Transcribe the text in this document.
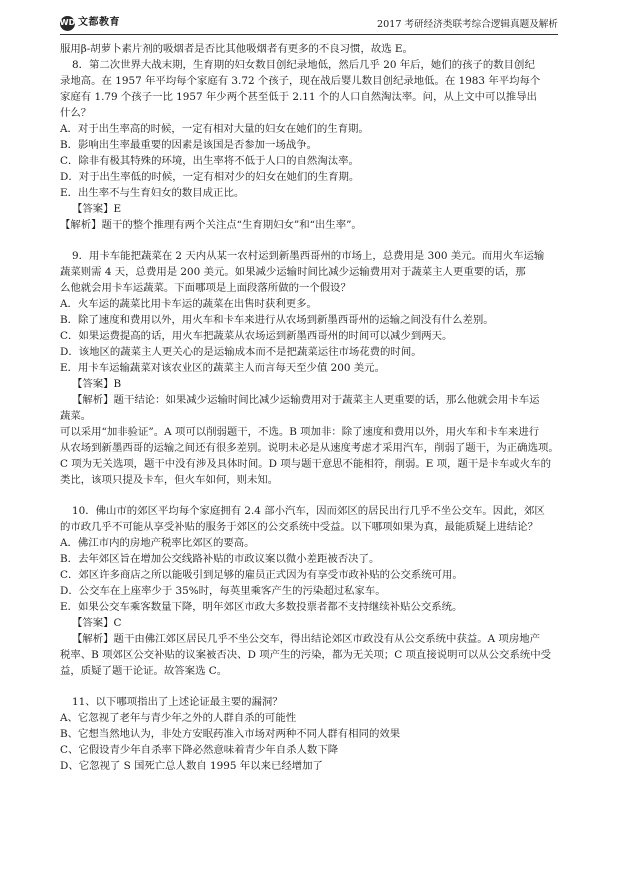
WD 文都教育	2017 考研经济类联考综合逻辑真题及解析

服用β-胡萝卜素片剂的吸烟者是否比其他吸烟者有更多的不良习惯，故选 E。

8．第二次世界大战末期，生育期的妇女数目创纪录地低，然后几乎 20 年后，她们的孩子的数目创纪

录地高。在 1957 年平均每个家庭有 3.72 个孩子，现在战后婴儿数目创纪录地低。在 1983 年平均每个

家庭有 1.79 个孩子一比 1957 年少两个甚至低于 2.11 个的人口自然淘汰率。问，从上文中可以推导出

什么？

A．对于出生率高的时候，一定有相对大量的妇女在她们的生育期。

B．影响出生率最重要的因素是该国是否参加一场战争。

C．除非有极其特殊的环境，出生率将不低于人口的自然淘汰率。

D．对于出生率低的时候，一定有相对少的妇女在她们的生育期。

E．出生率不与生育妇女的数目成正比。

【答案】E

【解析】题干的整个推理有两个关注点“生育期妇女”和“出生率”。

9．用卡车能把蔬菜在 2 天内从某一农村运到新墨西哥州的市场上，总费用是 300 美元。而用火车运输

蔬菜则需 4 天，总费用是 200 美元。如果减少运输时间比减少运输费用对于蔬菜主人更重要的话，那

么他就会用卡车运蔬菜。下面哪项是上面段落所做的一个假设？

A．火车运的蔬菜比用卡车运的蔬菜在出售时获利更多。

B．除了速度和费用以外，用火车和卡车来进行从农场到新墨西哥州的运输之间没有什么差别。

C．如果运费提高的话，用火车把蔬菜从农场运到新墨西哥州的时间可以减少到两天。

D．该地区的蔬菜主人更关心的是运输成本而不是把蔬菜运往市场花费的时间。

E．用卡车运输蔬菜对该农业区的蔬菜主人而言每天至少值 200 美元。

【答案】B

【解析】题干结论：如果减少运输时间比减少运输费用对于蔬菜主人更重要的话，那么他就会用卡车运

蔬菜。

可以采用“加非验证”。A 项可以削弱题干，不选。B 项加非：除了速度和费用以外，用火车和卡车来进行

从农场到新墨西哥的运输之间还有很多差别。说明未必是从速度考虑才采用汽车，削弱了题干，为正确选项。

C 项为无关选项，题干中没有涉及具体时间。D 项与题干意思不能相符，削弱。E 项，题干是卡车或火车的

类比，该项只提及卡车，但火车如何，则未知。

10．佛山市的郊区平均每个家庭拥有 2.4 部小汽车，因而郊区的居民出行几乎不坐公交车。因此，郊区

的市政几乎不可能从享受补贴的服务于郊区的公交系统中受益。以下哪项如果为真，最能质疑上进结论？

A．佛江市内的房地产税率比郊区的要高。

B．去年郊区旨在增加公交线路补贴的市政议案以微小差距被否决了。

C．郊区许多商店之所以能吸引到足够的雇员正式因为有享受市政补贴的公交系统可用。

D．公交车在上座率少于 35%时，每英里乘客产生的污染超过私家车。

E．如果公交车乘客数量下降，明年郊区市政大多数投票者都不支持继续补贴公交系统。

【答案】C

【解析】题干由佛江郊区居民几乎不坐公交车，得出结论郊区市政没有从公交系统中获益。A 项房地产

税率、B 项郊区公交补贴的议案被否决、D 项产生的污染，都为无关项；C 项直接说明可以从公交系统中受

益，质疑了题干论证。故答案选 C。

11、以下哪项指出了上述论证最主要的漏洞？

A、它忽视了老年与青少年之外的人群自杀的可能性

B、它想当然地认为，非处方安眠药准入市场对两种不同人群有相同的效果

C、它假设青少年自杀率下降必然意味着青少年自杀人数下降

D、它忽视了 S 国死亡总人数自 1995 年以来已经增加了
